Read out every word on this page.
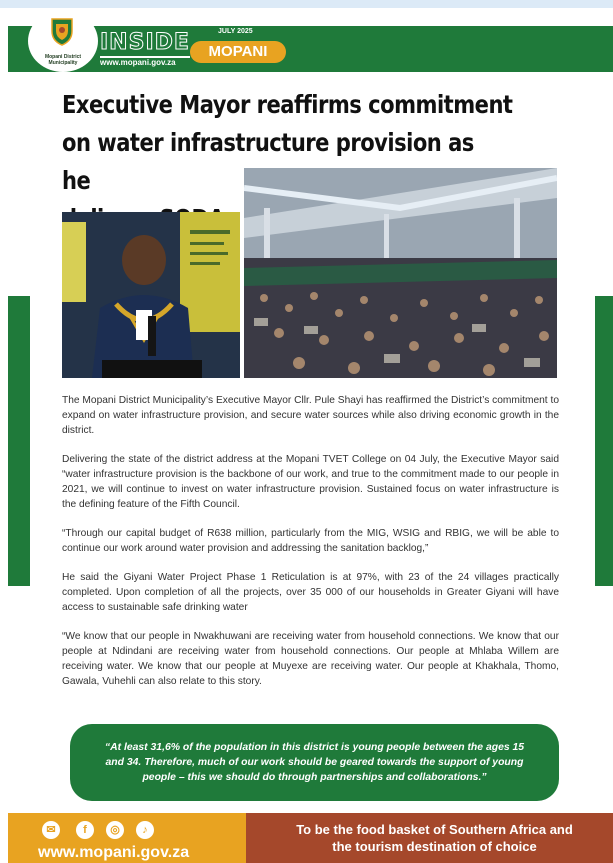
Mopani District Municipality
INSIDE
www.mopani.gov.za
JULY 2025
MOPANI
Executive Mayor reaffirms commitment
on water infrastructure provision as he

The Mopani District Municipality’s Executive Mayor Cllr. Pule Shayi has reaffirmed the District’s commitment to expand on water infrastructure provision, and secure water sources while also driving economic growth in the district.

Delivering the state of the district address at the Mopani TVET College on 04 July, the Executive Mayor said “water infrastructure provision is the backbone of our work, and true to the commitment made to our people in 2021, we will continue to invest on water infrastructure provision. Sustained focus on water infrastructure is the defining feature of the Fifth Council.

“Through our capital budget of R638 million, particularly from the MIG, WSIG and RBIG, we will be able to continue our work around water provision and addressing the sanitation backlog,”

He said the Giyani Water Project Phase 1 Reticulation is at 97%, with 23 of the 24 villages practically completed. Upon completion of all the projects, over 35 000 of our households in Greater Giyani will have access to sustainable safe drinking water

“We know that our people in Nwakhuwani are receiving water from household connections. We know that our people at Ndindani are receiving water from household connections. Our people at Mhlaba Willem are receiving water. We know that our people at Muyexe are receiving water. Our people at Khakhala, Thomo, Gawala, Vuhehli can also relate to this story.

“At least 31,6% of the population in this district is young people between the ages 15 and 34. Therefore, much of our work should be geared towards the support of young people – this we should do through partnerships and collaborations.”
✉	f	◎	♪
www.mopani.gov.za
To be the food basket of Southern Africa and
the tourism destination of choice
